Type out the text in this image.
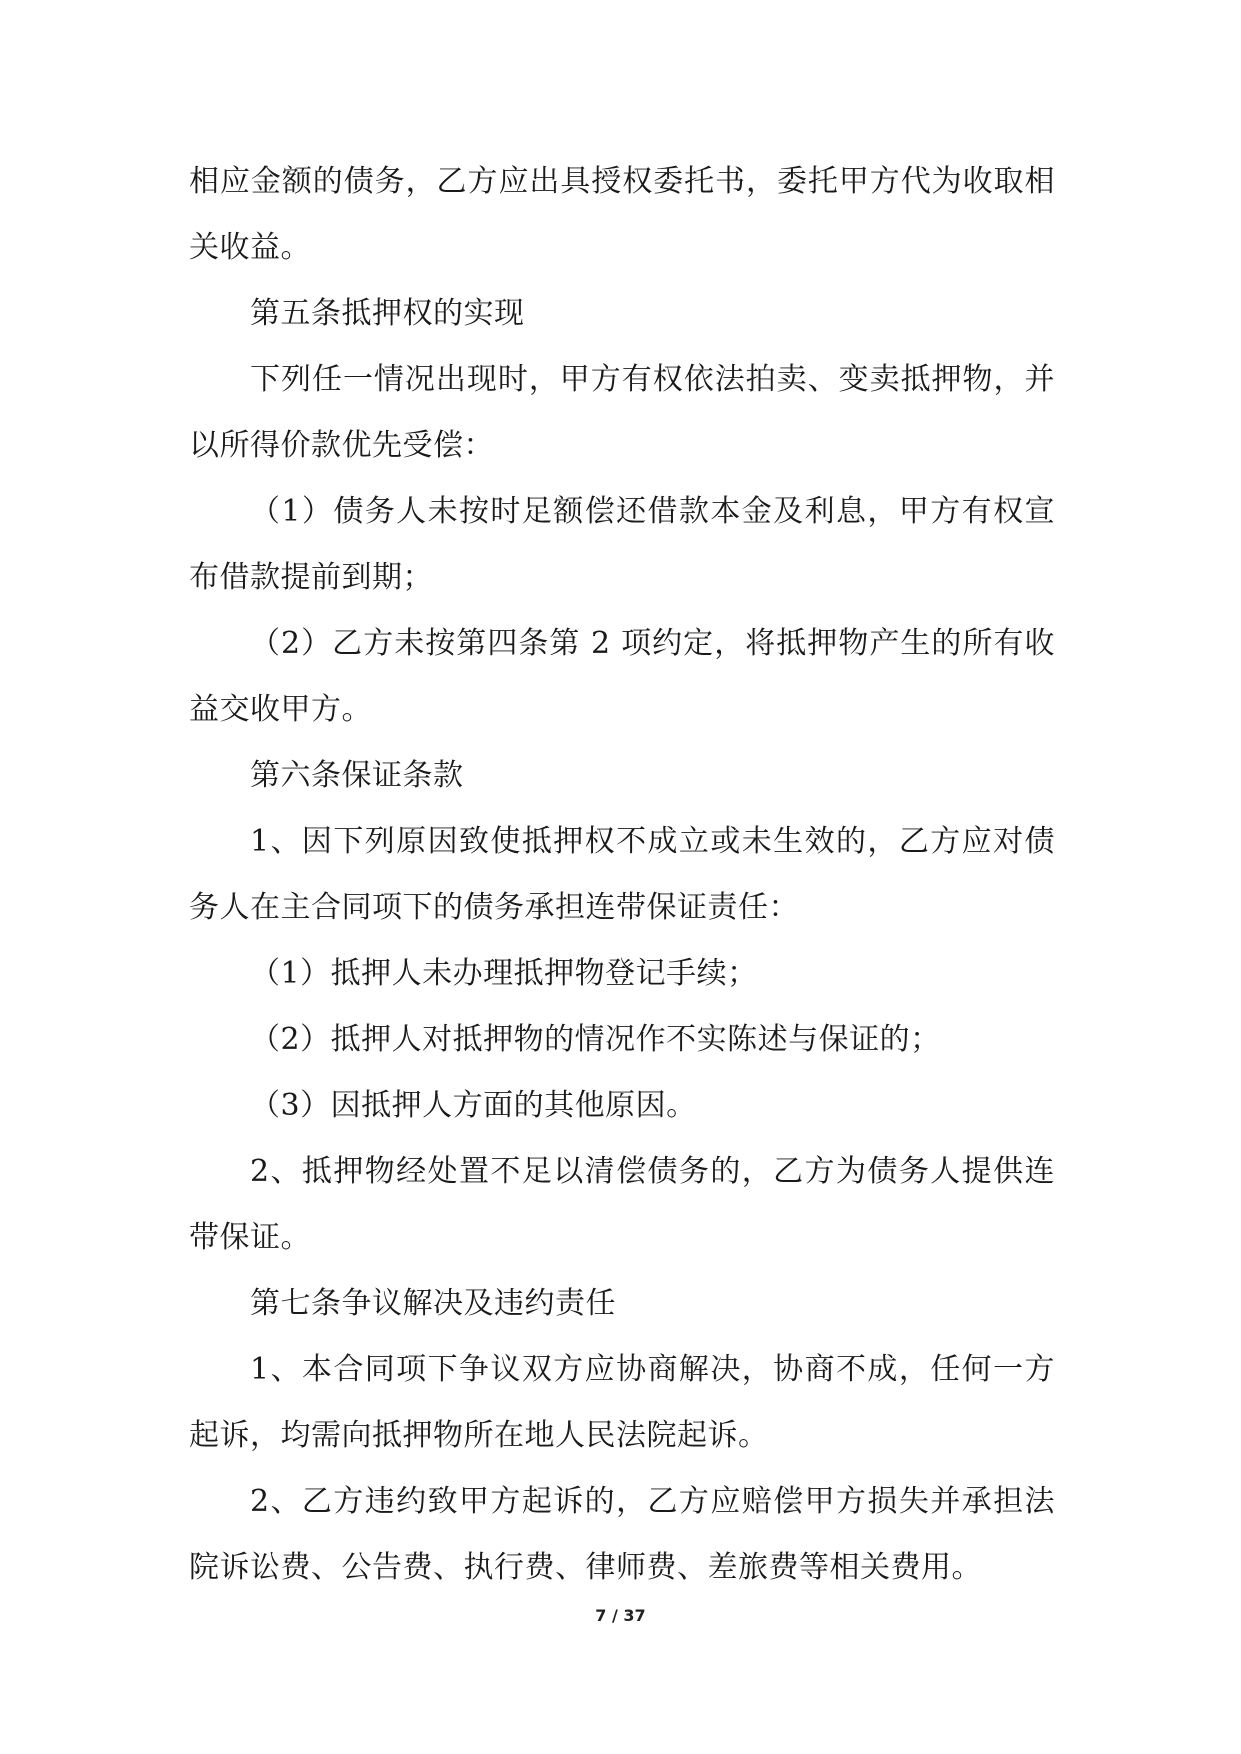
相应金额的债务，乙方应出具授权委托书，委托甲方代为收取相
关收益。
第五条抵押权的实现
下列任一情况出现时，甲方有权依法拍卖、变卖抵押物，并
以所得价款优先受偿：
（1）债务人未按时足额偿还借款本金及利息，甲方有权宣
布借款提前到期；
（2）乙方未按第四条第 2 项约定，将抵押物产生的所有收
益交收甲方。
第六条保证条款
1、因下列原因致使抵押权不成立或未生效的，乙方应对债
务人在主合同项下的债务承担连带保证责任：
（1）抵押人未办理抵押物登记手续；
（2）抵押人对抵押物的情况作不实陈述与保证的；
（3）因抵押人方面的其他原因。
2、抵押物经处置不足以清偿债务的，乙方为债务人提供连
带保证。
第七条争议解决及违约责任
1、本合同项下争议双方应协商解决，协商不成，任何一方
起诉，均需向抵押物所在地人民法院起诉。
2、乙方违约致甲方起诉的，乙方应赔偿甲方损失并承担法
院诉讼费、公告费、执行费、律师费、差旅费等相关费用。
7 / 37
